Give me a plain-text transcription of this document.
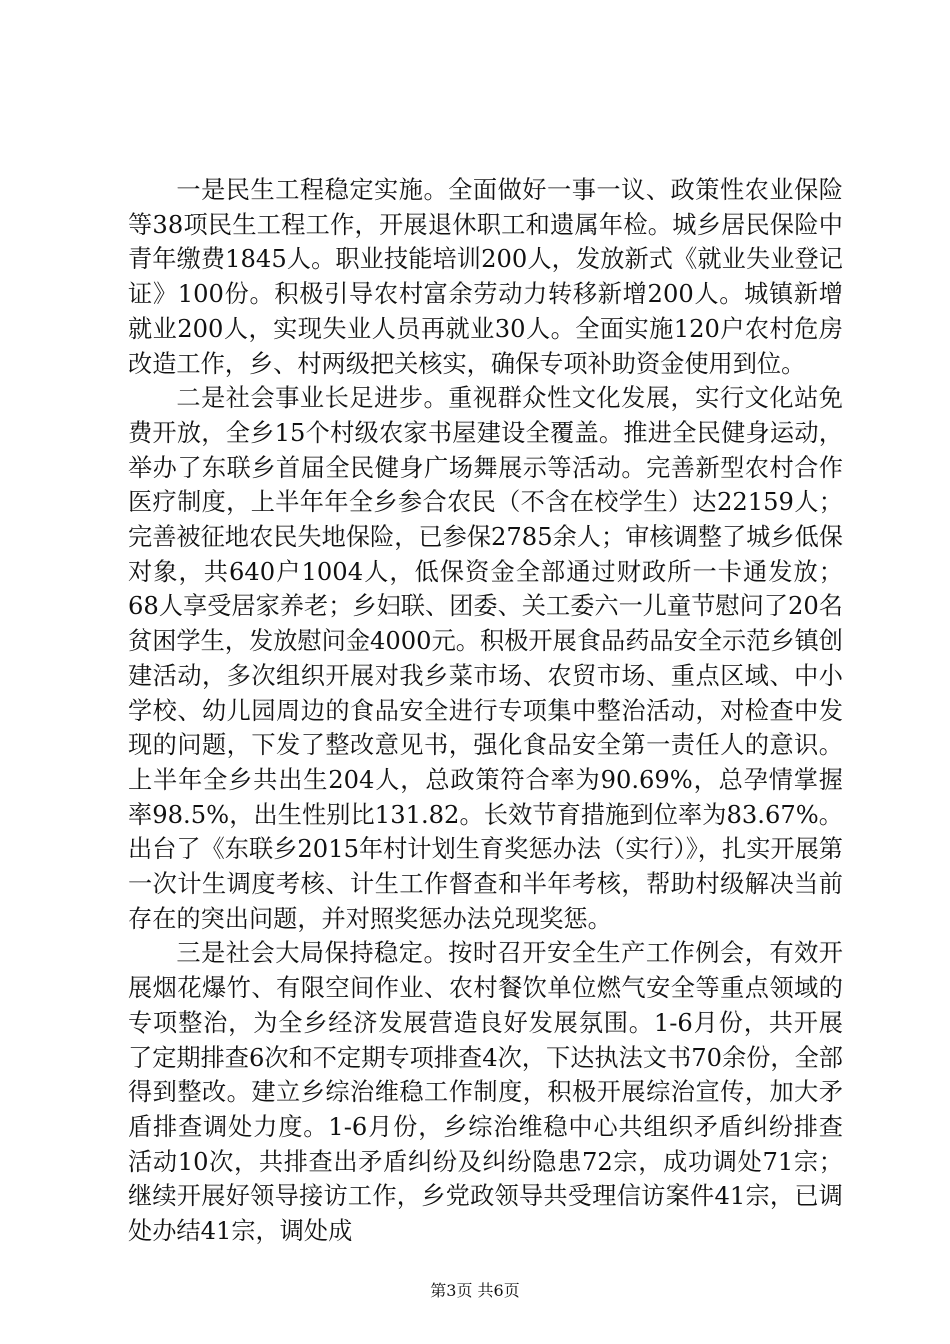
一是民生工程稳定实施。全面做好一事一议、政策性农业保险等38项民生工程工作，开展退休职工和遗属年检。城乡居民保险中青年缴费1845人。职业技能培训200人，发放新式《就业失业登记证》100份。积极引导农村富余劳动力转移新增200人。城镇新增就业200人，实现失业人员再就业30人。全面实施120户农村危房改造工作，乡、村两级把关核实，确保专项补助资金使用到位。

二是社会事业长足进步。重视群众性文化发展，实行文化站免费开放，全乡15个村级农家书屋建设全覆盖。推进全民健身运动，举办了东联乡首届全民健身广场舞展示等活动。完善新型农村合作医疗制度，上半年年全乡参合农民（不含在校学生）达22159人；完善被征地农民失地保险，已参保2785余人；审核调整了城乡低保对象，共640户1004人，低保资金全部通过财政所一卡通发放；68人享受居家养老；乡妇联、团委、关工委六一儿童节慰问了20名贫困学生，发放慰问金4000元。积极开展食品药品安全示范乡镇创建活动，多次组织开展对我乡菜市场、农贸市场、重点区域、中小学校、幼儿园周边的食品安全进行专项集中整治活动，对检查中发现的问题，下发了整改意见书，强化食品安全第一责任人的意识。上半年全乡共出生204人，总政策符合率为90.69%，总孕情掌握率98.5%，出生性别比131.82。长效节育措施到位率为83.67%。出台了《东联乡2015年村计划生育奖惩办法（实行）》，扎实开展第一次计生调度考核、计生工作督查和半年考核，帮助村级解决当前存在的突出问题，并对照奖惩办法兑现奖惩。

三是社会大局保持稳定。按时召开安全生产工作例会，有效开展烟花爆竹、有限空间作业、农村餐饮单位燃气安全等重点领域的专项整治，为全乡经济发展营造良好发展氛围。1-6月份，共开展了定期排查6次和不定期专项排查4次，下达执法文书70余份，全部得到整改。建立乡综治维稳工作制度，积极开展综治宣传，加大矛盾排查调处力度。1-6月份，乡综治维稳中心共组织矛盾纠纷排查活动10次，共排查出矛盾纠纷及纠纷隐患72宗，成功调处71宗；继续开展好领导接访工作，乡党政领导共受理信访案件41宗，已调处办结41宗，调处成

第3页 共6页
